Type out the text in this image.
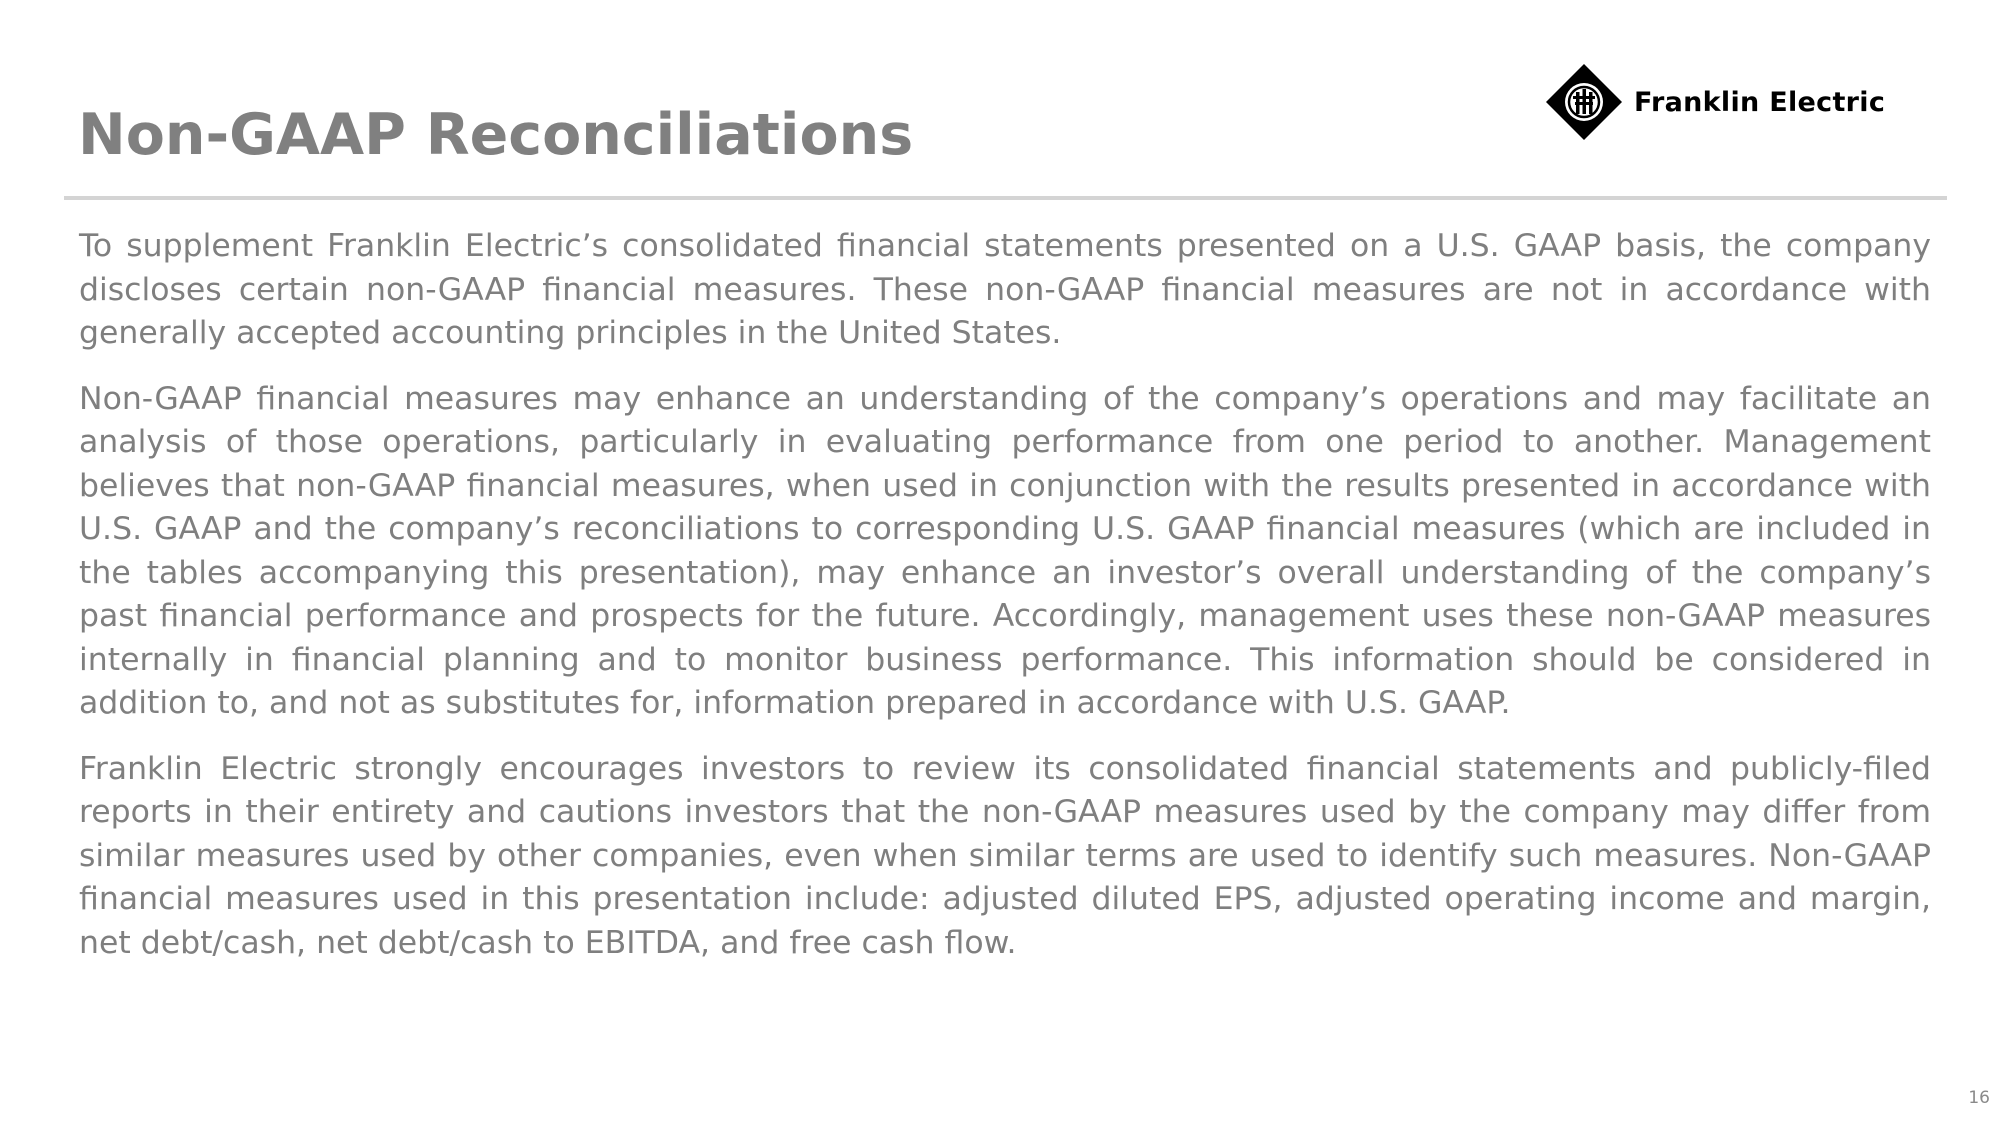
Non-GAAP Reconciliations	Franklin Electric

To supplement Franklin Electric’s consolidated financial statements presented on a U.S. GAAP basis, the company discloses certain non-GAAP financial measures. These non-GAAP financial measures are not in accordance with generally accepted accounting principles in the United States.

Non-GAAP financial measures may enhance an understanding of the company’s operations and may facilitate an analysis of those operations, particularly in evaluating performance from one period to another. Management believes that non-GAAP financial measures, when used in conjunction with the results presented in accordance with U.S. GAAP and the company’s reconciliations to corresponding U.S. GAAP financial measures (which are included in the tables accompanying this presentation), may enhance an investor’s overall understanding of the company’s past financial performance and prospects for the future. Accordingly, management uses these non-GAAP measures internally in financial planning and to monitor business performance. This information should be considered in addition to, and not as substitutes for, information prepared in accordance with U.S. GAAP.

Franklin Electric strongly encourages investors to review its consolidated financial statements and publicly-filed reports in their entirety and cautions investors that the non-GAAP measures used by the company may differ from similar measures used by other companies, even when similar terms are used to identify such measures. Non-GAAP financial measures used in this presentation include: adjusted diluted EPS, adjusted operating income and margin, net debt/cash, net debt/cash to EBITDA, and free cash flow.

16
